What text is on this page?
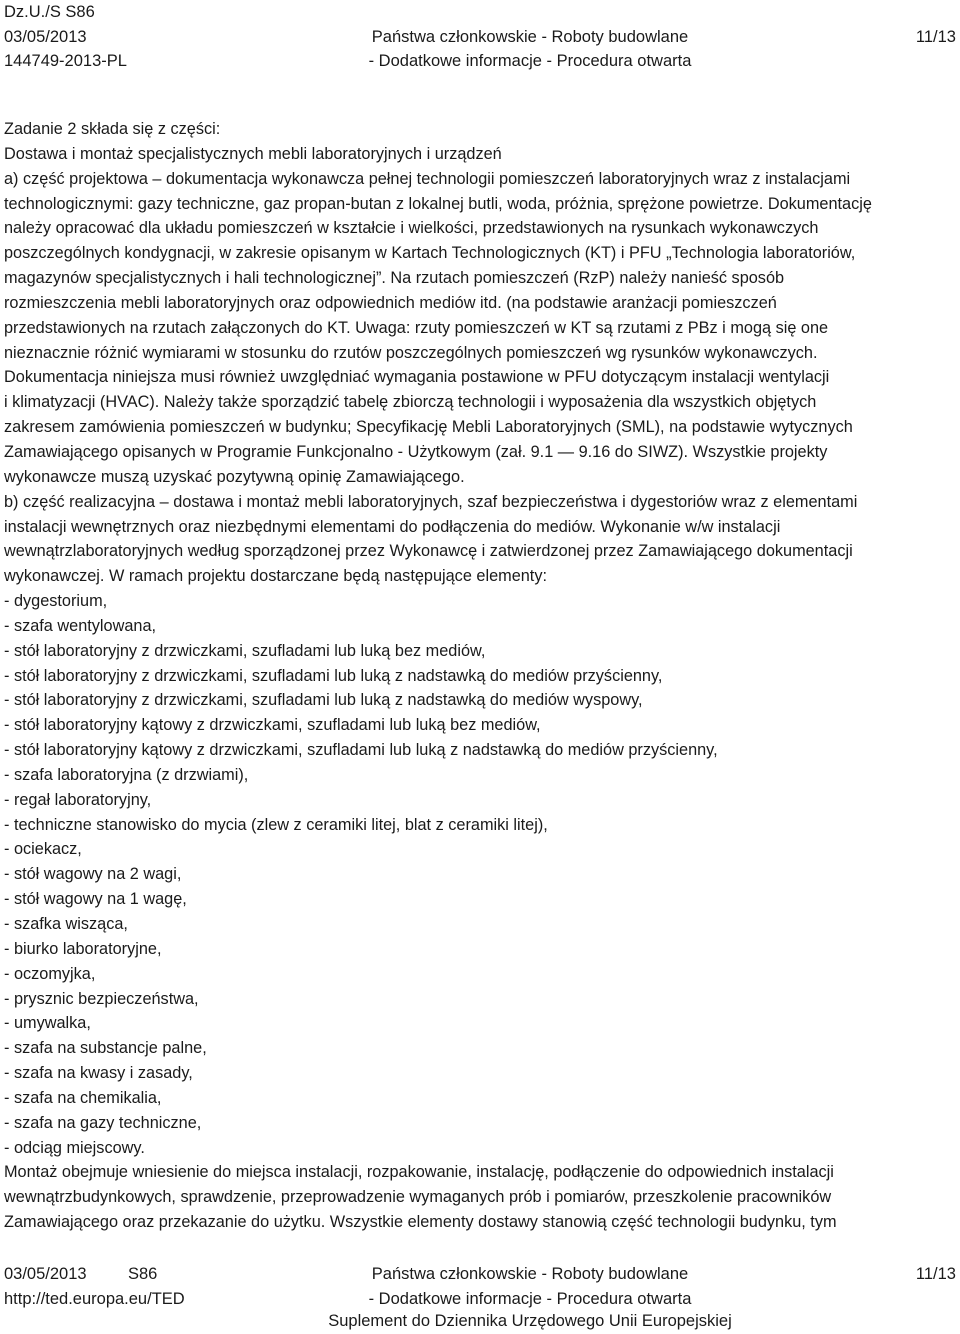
Dz.U./S S86
03/05/2013	Państwa członkowskie - Roboty budowlane	11/13
144749-2013-PL	- Dodatkowe informacje - Procedura otwarta
Zadanie 2 składa się z części:
Dostawa i montaż specjalistycznych mebli laboratoryjnych i urządzeń
a) część projektowa – dokumentacja wykonawcza pełnej technologii pomieszczeń laboratoryjnych wraz z instalacjami
technologicznymi: gazy techniczne, gaz propan-butan z lokalnej butli, woda, próżnia, sprężone powietrze. Dokumentację
należy opracować dla układu pomieszczeń w kształcie i wielkości, przedstawionych na rysunkach wykonawczych
poszczególnych kondygnacji, w zakresie opisanym w Kartach Technologicznych (KT) i PFU „Technologia laboratoriów,
magazynów specjalistycznych i hali technologicznej”. Na rzutach pomieszczeń (RzP) należy nanieść sposób
rozmieszczenia mebli laboratoryjnych oraz odpowiednich mediów itd. (na podstawie aranżacji pomieszczeń
przedstawionych na rzutach załączonych do KT. Uwaga: rzuty pomieszczeń w KT są rzutami z PBz i mogą się one
nieznacznie różnić wymiarami w stosunku do rzutów poszczególnych pomieszczeń wg rysunków wykonawczych.
Dokumentacja niniejsza musi również uwzględniać wymagania postawione w PFU dotyczącym instalacji wentylacji
i klimatyzacji (HVAC). Należy także sporządzić tabelę zbiorczą technologii i wyposażenia dla wszystkich objętych
zakresem zamówienia pomieszczeń w budynku; Specyfikację Mebli Laboratoryjnych (SML), na podstawie wytycznych
Zamawiającego opisanych w Programie Funkcjonalno - Użytkowym (zał. 9.1 — 9.16 do SIWZ). Wszystkie projekty
wykonawcze muszą uzyskać pozytywną opinię Zamawiającego.
b) część realizacyjna – dostawa i montaż mebli laboratoryjnych, szaf bezpieczeństwa i dygestoriów wraz z elementami
instalacji wewnętrznych oraz niezbędnymi elementami do podłączenia do mediów. Wykonanie w/w instalacji
wewnątrzlaboratoryjnych według sporządzonej przez Wykonawcę i zatwierdzonej przez Zamawiającego dokumentacji
wykonawczej. W ramach projektu dostarczane będą następujące elementy:
- dygestorium,
- szafa wentylowana,
- stół laboratoryjny z drzwiczkami, szufladami lub luką bez mediów,
- stół laboratoryjny z drzwiczkami, szufladami lub luką z nadstawką do mediów przyścienny,
- stół laboratoryjny z drzwiczkami, szufladami lub luką z nadstawką do mediów wyspowy,
- stół laboratoryjny kątowy z drzwiczkami, szufladami lub luką bez mediów,
- stół laboratoryjny kątowy z drzwiczkami, szufladami lub luką z nadstawką do mediów przyścienny,
- szafa laboratoryjna (z drzwiami),
- regał laboratoryjny,
- techniczne stanowisko do mycia (zlew z ceramiki litej, blat z ceramiki litej),
- ociekacz,
- stół wagowy na 2 wagi,
- stół wagowy na 1 wagę,
- szafka wisząca,
- biurko laboratoryjne,
- oczomyjka,
- prysznic bezpieczeństwa,
- umywalka,
- szafa na substancje palne,
- szafa na kwasy i zasady,
- szafa na chemikalia,
- szafa na gazy techniczne,
- odciąg miejscowy.
Montaż obejmuje wniesienie do miejsca instalacji, rozpakowanie, instalację, podłączenie do odpowiednich instalacji
wewnątrzbudynkowych, sprawdzenie, przeprowadzenie wymaganych prób i pomiarów, przeszkolenie pracowników
Zamawiającego oraz przekazanie do użytku. Wszystkie elementy dostawy stanowią część technologii budynku, tym
03/05/2013	S86	Państwa członkowskie - Roboty budowlane	11/13
http://ted.europa.eu/TED	- Dodatkowe informacje - Procedura otwarta
Suplement do Dziennika Urzędowego Unii Europejskiej
